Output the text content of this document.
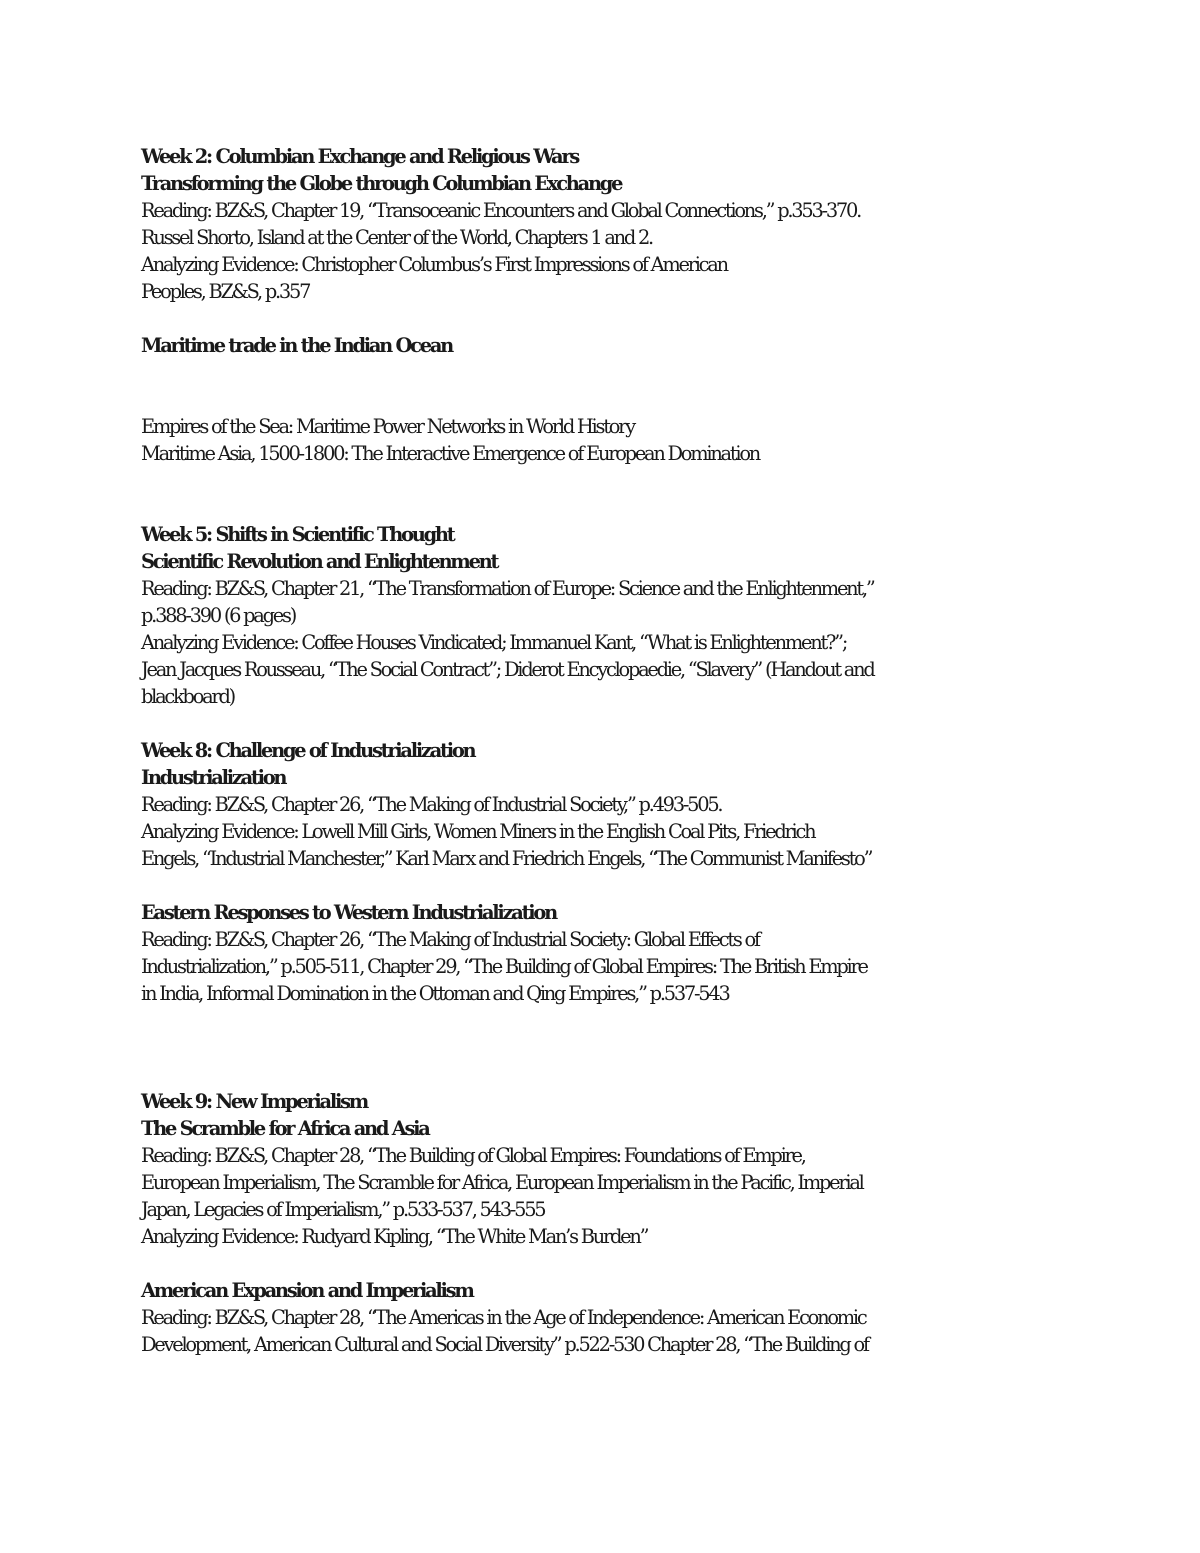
Week 2: Columbian Exchange and Religious Wars
Transforming the Globe through Columbian Exchange
Reading: BZ&S, Chapter 19, “Transoceanic Encounters and Global Connections,” p.353-370.
Russel Shorto, Island at the Center of the World, Chapters 1 and 2.
Analyzing Evidence: Christopher Columbus’s First Impressions of American
Peoples, BZ&S, p.357
Maritime trade in the Indian Ocean
Empires of the Sea: Maritime Power Networks in World History
Maritime Asia, 1500-1800: The Interactive Emergence of European Domination
Week 5: Shifts in Scientific Thought
Scientific Revolution and Enlightenment
Reading: BZ&S, Chapter 21, “The Transformation of Europe: Science and the Enlightenment,”
p.388-390 (6 pages)
Analyzing Evidence: Coffee Houses Vindicated; Immanuel Kant, “What is Enlightenment?”;
Jean Jacques Rousseau, “The Social Contract”; Diderot Encyclopaedie, “Slavery” (Handout and
blackboard)
Week 8: Challenge of Industrialization
Industrialization
Reading: BZ&S, Chapter 26, “The Making of Industrial Society,” p.493-505.
Analyzing Evidence: Lowell Mill Girls, Women Miners in the English Coal Pits, Friedrich
Engels, “Industrial Manchester,” Karl Marx and Friedrich Engels, “The Communist Manifesto”
Eastern Responses to Western Industrialization
Reading: BZ&S, Chapter 26, “The Making of Industrial Society: Global Effects of
Industrialization,” p.505-511, Chapter 29, “The Building of Global Empires: The British Empire
in India, Informal Domination in the Ottoman and Qing Empires,” p.537-543
Week 9: New Imperialism
The Scramble for Africa and Asia
Reading: BZ&S, Chapter 28, “The Building of Global Empires: Foundations of Empire,
European Imperialism, The Scramble for Africa, European Imperialism in the Pacific, Imperial
Japan, Legacies of Imperialism,” p.533-537, 543-555
Analyzing Evidence: Rudyard Kipling, “The White Man’s Burden”
American Expansion and Imperialism
Reading: BZ&S, Chapter 28, “The Americas in the Age of Independence: American Economic
Development, American Cultural and Social Diversity” p.522-530 Chapter 28, “The Building of
